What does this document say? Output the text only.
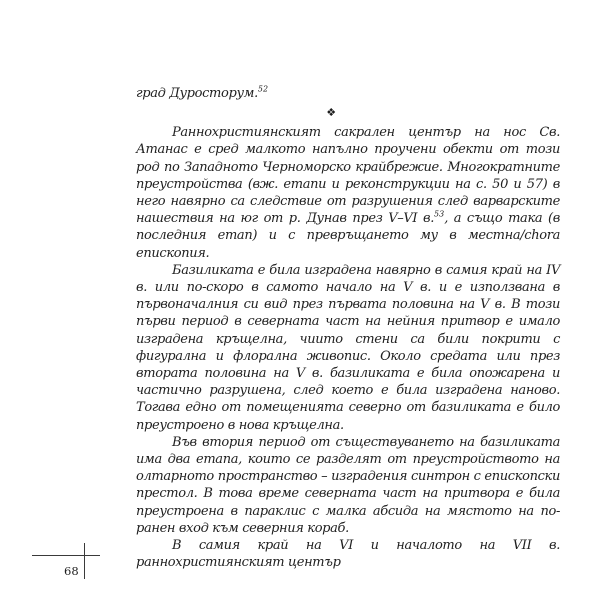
град Дуросторум.$^{52}$

❖

Раннохристиянският сакрален център на нос Св. Атанас е сред малкото напълно проучени обекти от този род по Западното Черноморско крайбрежие. Многократните преустройства (вж. етапи и реконструкции на с. 50 и 57) в него навярно са следствие от разрушения след варварските нашествия на юг от р. Дунав през V–VI в.$^{53}$, а също така (в последния етап) и с превръщането му в местна/chora епископия.

Базиликата е била изградена навярно в самия край на IV в. или по-скоро в самото начало на V в. и е използвана в първоначалния си вид през първата половина на V в. В този първи период в северната част на нейния притвор е имало изградена кръщелна, чиито стени са били покрити с фигурална и флорална живопис. Около средата или през втората половина на V в. базиликата е била опожарена и частично разрушена, след което е била изградена наново. Тогава едно от помещенията северно от базиликата е било преустроено в нова кръщелна.

Във втория период от съществуването на базиликата има два етапа, които се разделят от преустройството на олтарното пространство – изградения синтрон с епископски престол. В това време северната част на притвора е била преустроена в параклис с малка абсида на мястото на по-ранен вход към северния кораб.

В самия край на VI и началото на VII в. раннохристиянският център

68
